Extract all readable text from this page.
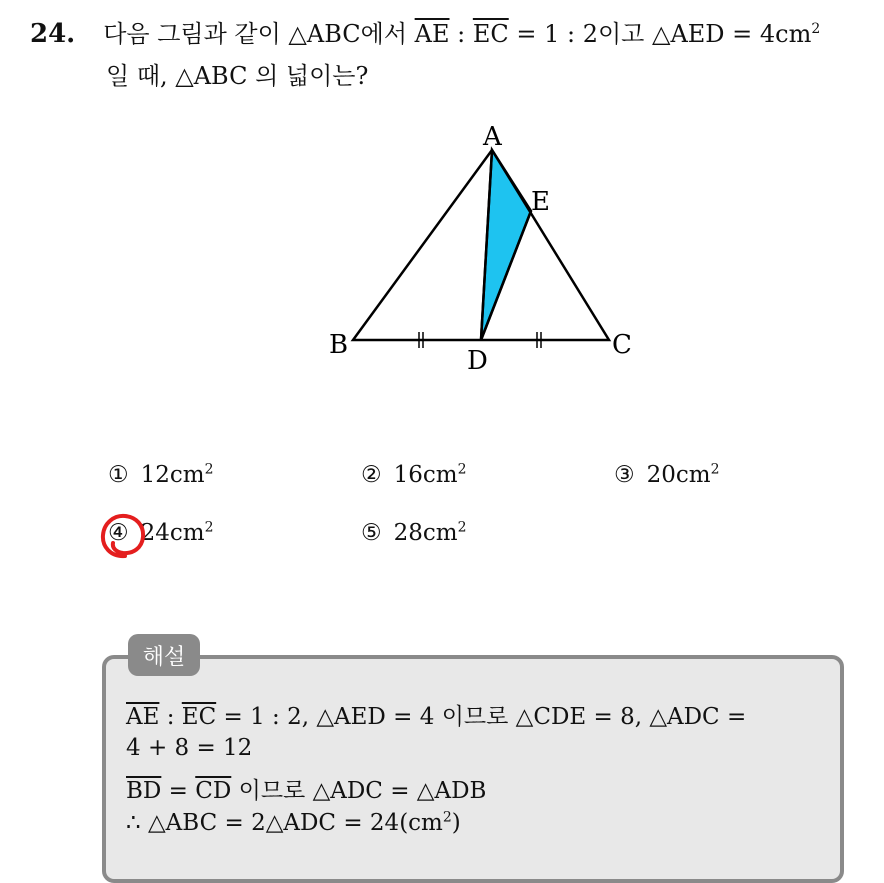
24. 다음 그림과 같이 △ABC에서 $\overline{AE}$ : $\overline{EC} = 1$ : 2이고 △AED = $4cm^2$
일 때, △ABC 의 넓이는?
A
E
B	C
D
① $12cm^2$	② $16cm^2$	③ $20cm^2$
④ $24cm^2$	⑤ $28cm^2$
해설
$\overline{AE}$ : $\overline{EC} = 1$ : 2, △AED = 4 이므로 △CDE = 8, △ADC =
4 + 8 = 12
$\overline{BD} = \overline{CD}$ 이므로 △ADC = △ADB
∴ △ABC = 2△ADC = $24(cm^2)$
